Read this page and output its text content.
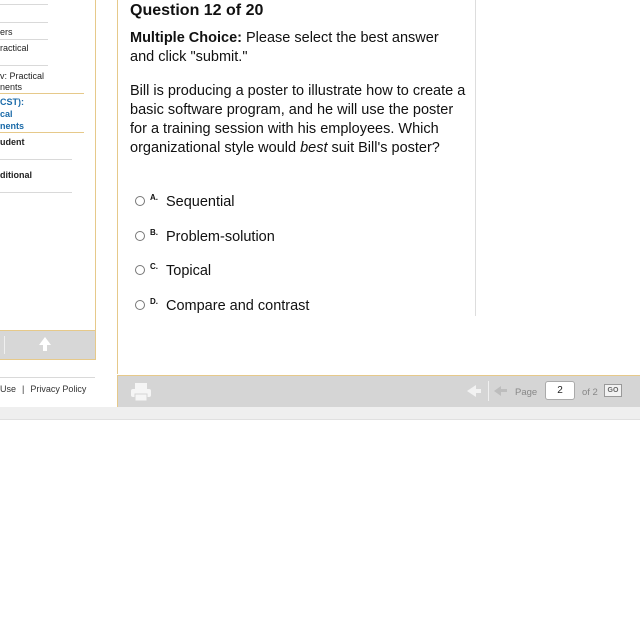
ers
ractical
v: Practical
nents
CST):
cal
nents
udent
ditional
Use | Privacy Policy
Question 12 of 20
Multiple Choice: Please select the best answer and click "submit."
Bill is producing a poster to illustrate how to create a basic software program, and he will use the poster for a training session with his employees. Which organizational style would best suit Bill's poster?
A. Sequential
B. Problem-solution
C. Topical
D. Compare and contrast
Page	2	of 2	GO
